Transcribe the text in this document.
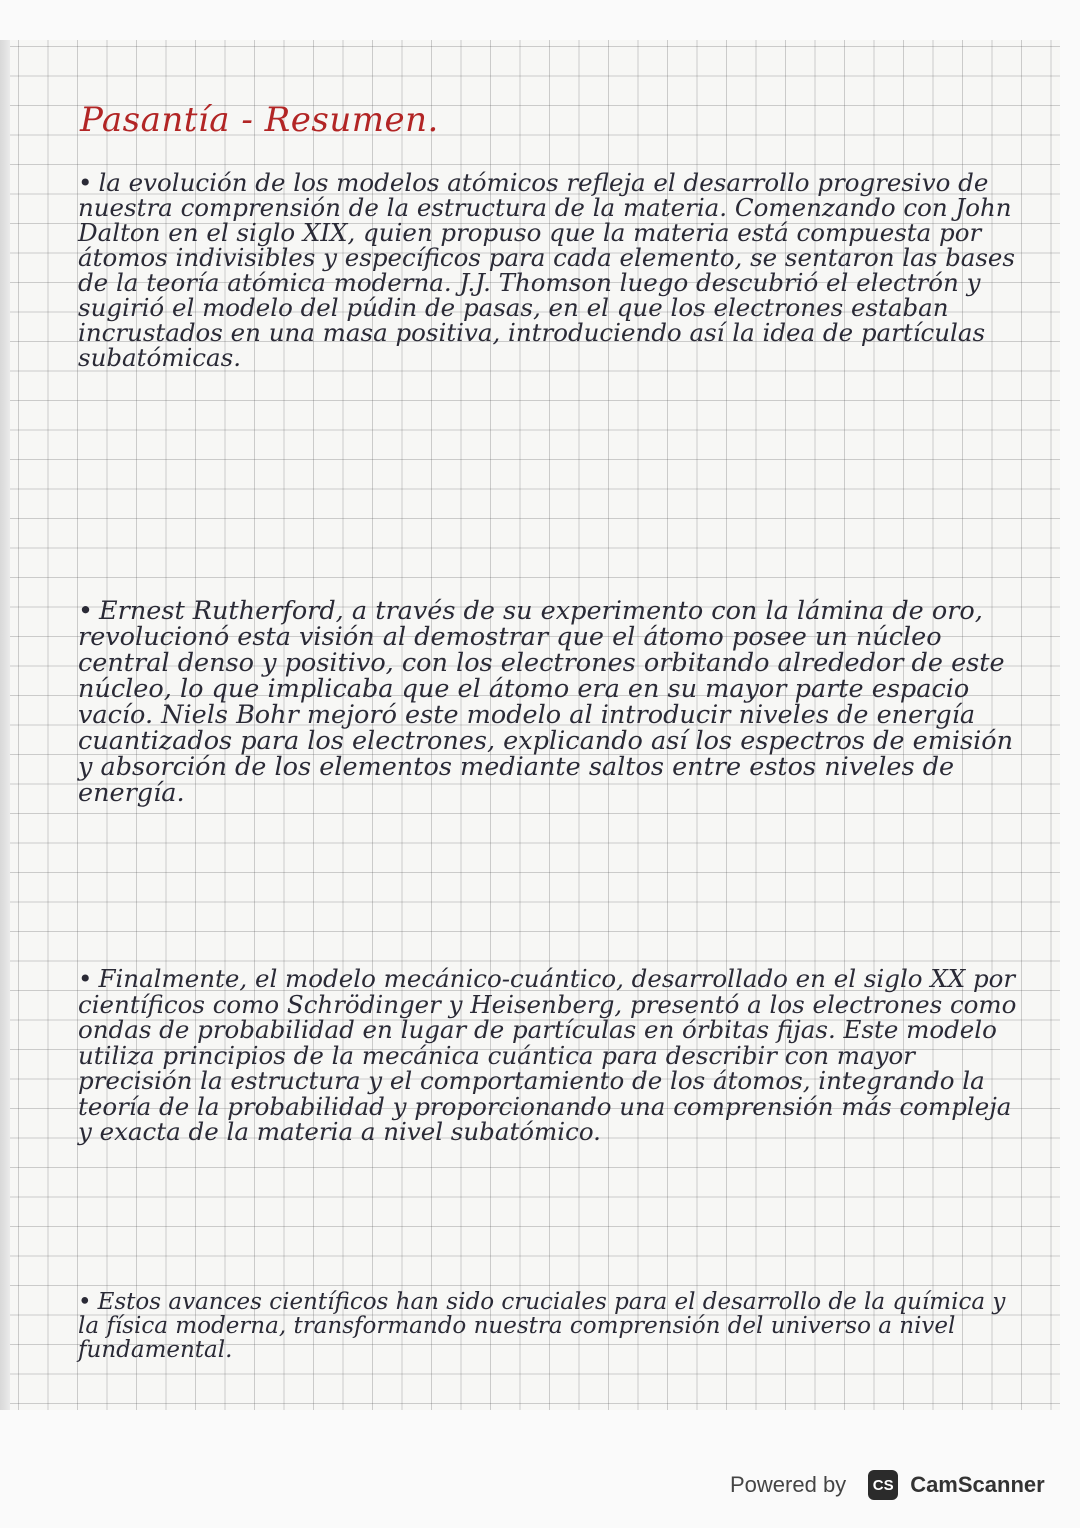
Pasantía - Resumen.

• la evolución de los modelos atómicos refleja el desarrollo progresivo de nuestra comprensión de la estructura de la materia. Comenzando con John Dalton en el siglo XIX, quien propuso que la materia está compuesta por átomos indivisibles y específicos para cada elemento, se sentaron las bases de la teoría atómica moderna. J.J. Thomson luego descubrió el electrón y sugirió el modelo del púdin de pasas, en el que los electrones estaban incrustados en una masa positiva, introduciendo así la idea de partículas subatómicas.

• Ernest Rutherford, a través de su experimento con la lámina de oro, revolucionó esta visión al demostrar que el átomo posee un núcleo central denso y positivo, con los electrones orbitando alrededor de este núcleo, lo que implicaba que el átomo era en su mayor parte espacio vacío. Niels Bohr mejoró este modelo al introducir niveles de energía cuantizados para los electrones, explicando así los espectros de emisión y absorción de los elementos mediante saltos entre estos niveles de energía.

• Finalmente, el modelo mecánico-cuántico, desarrollado en el siglo XX por científicos como Schrödinger y Heisenberg, presentó a los electrones como ondas de probabilidad en lugar de partículas en órbitas fijas. Este modelo utiliza principios de la mecánica cuántica para describir con mayor precisión la estructura y el comportamiento de los átomos, integrando la teoría de la probabilidad y proporcionando una comprensión más compleja y exacta de la materia a nivel subatómico.

• Estos avances científicos han sido cruciales para el desarrollo de la química y la física moderna, transformando nuestra comprensión del universo a nivel fundamental.

Powered by	CS CamScanner
